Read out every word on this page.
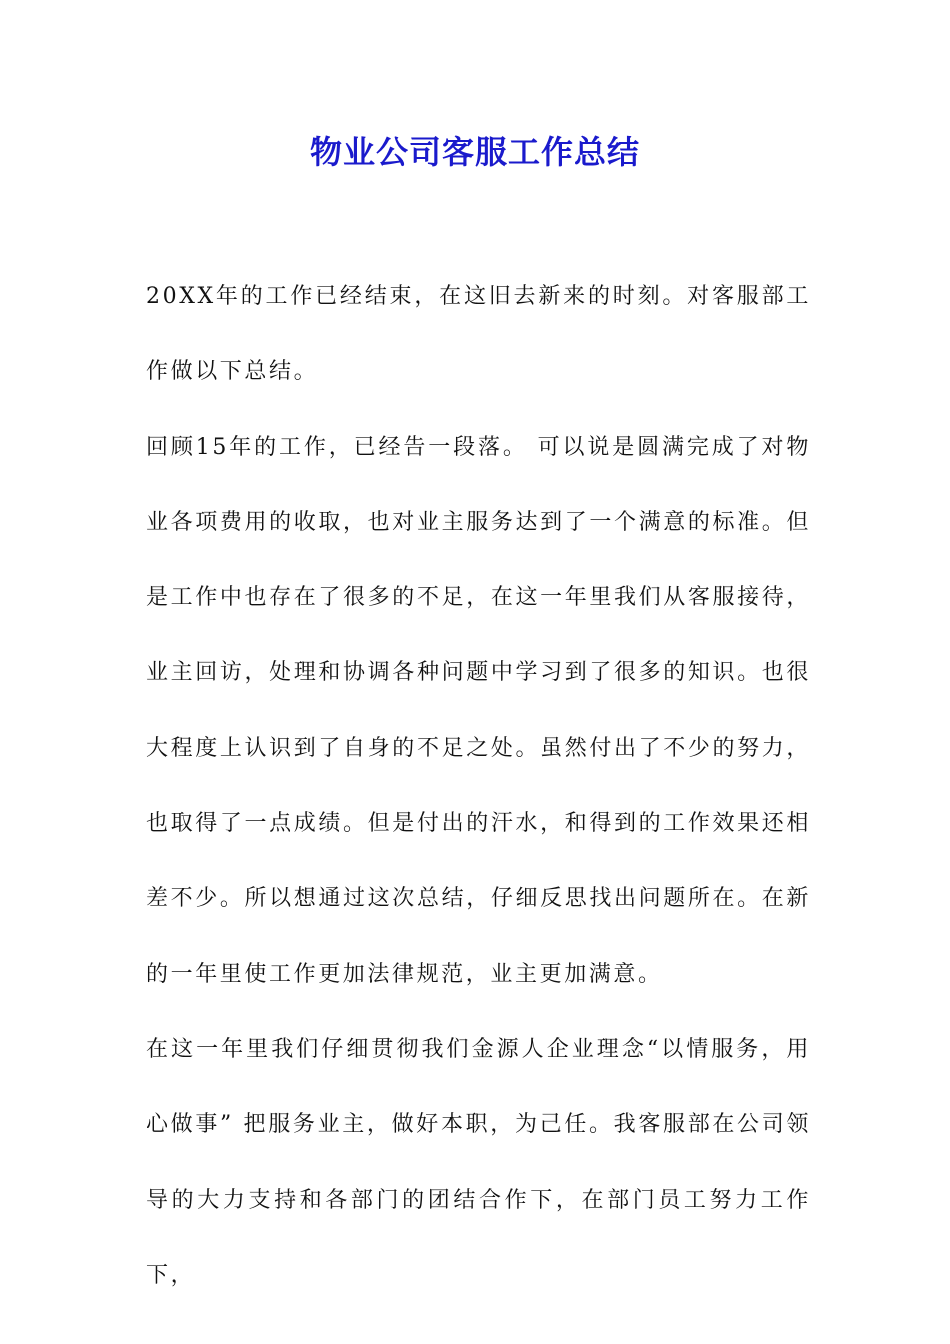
物业公司客服工作总结

20XX年的工作已经结束，在这旧去新来的时刻。对客服部工作做以下总结。

回顾15年的工作，已经告一段落。 可以说是圆满完成了对物业各项费用的收取，也对业主服务达到了一个满意的标准。但是工作中也存在了很多的不足，在这一年里我们从客服接待，业主回访，处理和协调各种问题中学习到了很多的知识。也很大程度上认识到了自身的不足之处。虽然付出了不少的努力，也取得了一点成绩。但是付出的汗水，和得到的工作效果还相差不少。所以想通过这次总结，仔细反思找出问题所在。在新的一年里使工作更加法律规范，业主更加满意。

在这一年里我们仔细贯彻我们金源人企业理念“以情服务，用心做事” 把服务业主，做好本职，为己任。我客服部在公司领导的大力支持和各部门的团结合作下，在部门员工努力工作下，
